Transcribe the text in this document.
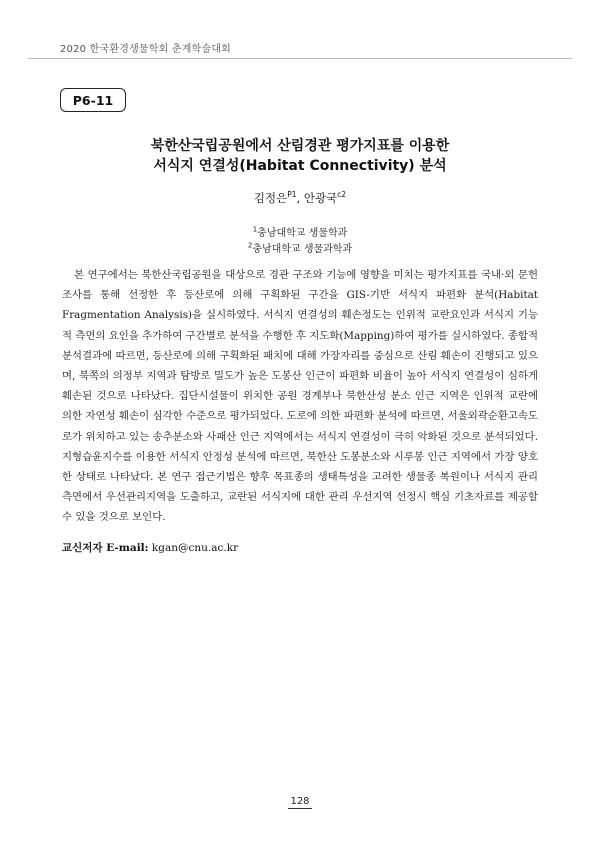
2020 한국환경생물학회 춘계학술대회
P6-11
북한산국립공원에서 산림경관 평가지표를 이용한
서식지 연결성(Habitat Connectivity) 분석
김정은$^{P1}$, 안광국$^{c2}$
$^1$충남대학교 생물학과
$^2$충남대학교 생물과학과

본 연구에서는 북한산국립공원을 대상으로 경관 구조와 기능에 영향을 미치는 평가지표를 국내·외 문헌조사를 통해 선정한 후 등산로에 의해 구획화된 구간을 GIS-기반 서식지 파편화 분석(Habitat Fragmentation Analysis)을 실시하였다. 서식지 연결성의 훼손정도는 인위적 교란요인과 서식지 기능적 측면의 요인을 추가하여 구간별로 분석을 수행한 후 지도화(Mapping)하여 평가를 실시하였다. 종합적 분석결과에 따르면, 등산로에 의해 구획화된 패치에 대해 가장자리를 중심으로 산림 훼손이 진행되고 있으며, 북쪽의 의정부 지역과 탐방로 밀도가 높은 도봉산 인근이 파편화 비율이 높아 서식지 연결성이 심하게 훼손된 것으로 나타났다. 집단시설물이 위치한 공원 경계부나 북한산성 분소 인근 지역은 인위적 교란에 의한 자연성 훼손이 심각한 수준으로 평가되었다. 도로에 의한 파편화 분석에 따르면, 서울외곽순환고속도로가 위치하고 있는 송추분소와 사패산 인근 지역에서는 서식지 연결성이 극히 악화된 것으로 분석되었다. 지형습윤지수를 이용한 서식지 안정성 분석에 따르면, 북한산 도봉분소와 시루봉 인근 지역에서 가장 양호한 상태로 나타났다. 본 연구 접근기법은 향후 목표종의 생태특성을 고려한 생물종 복원이나 서식지 관리 측면에서 우선관리지역을 도출하고, 교란된 서식지에 대한 관리 우선지역 선정시 핵심 기초자료를 제공할 수 있을 것으로 보인다.

교신저자 E-mail: kgan@cnu.ac.kr
128
